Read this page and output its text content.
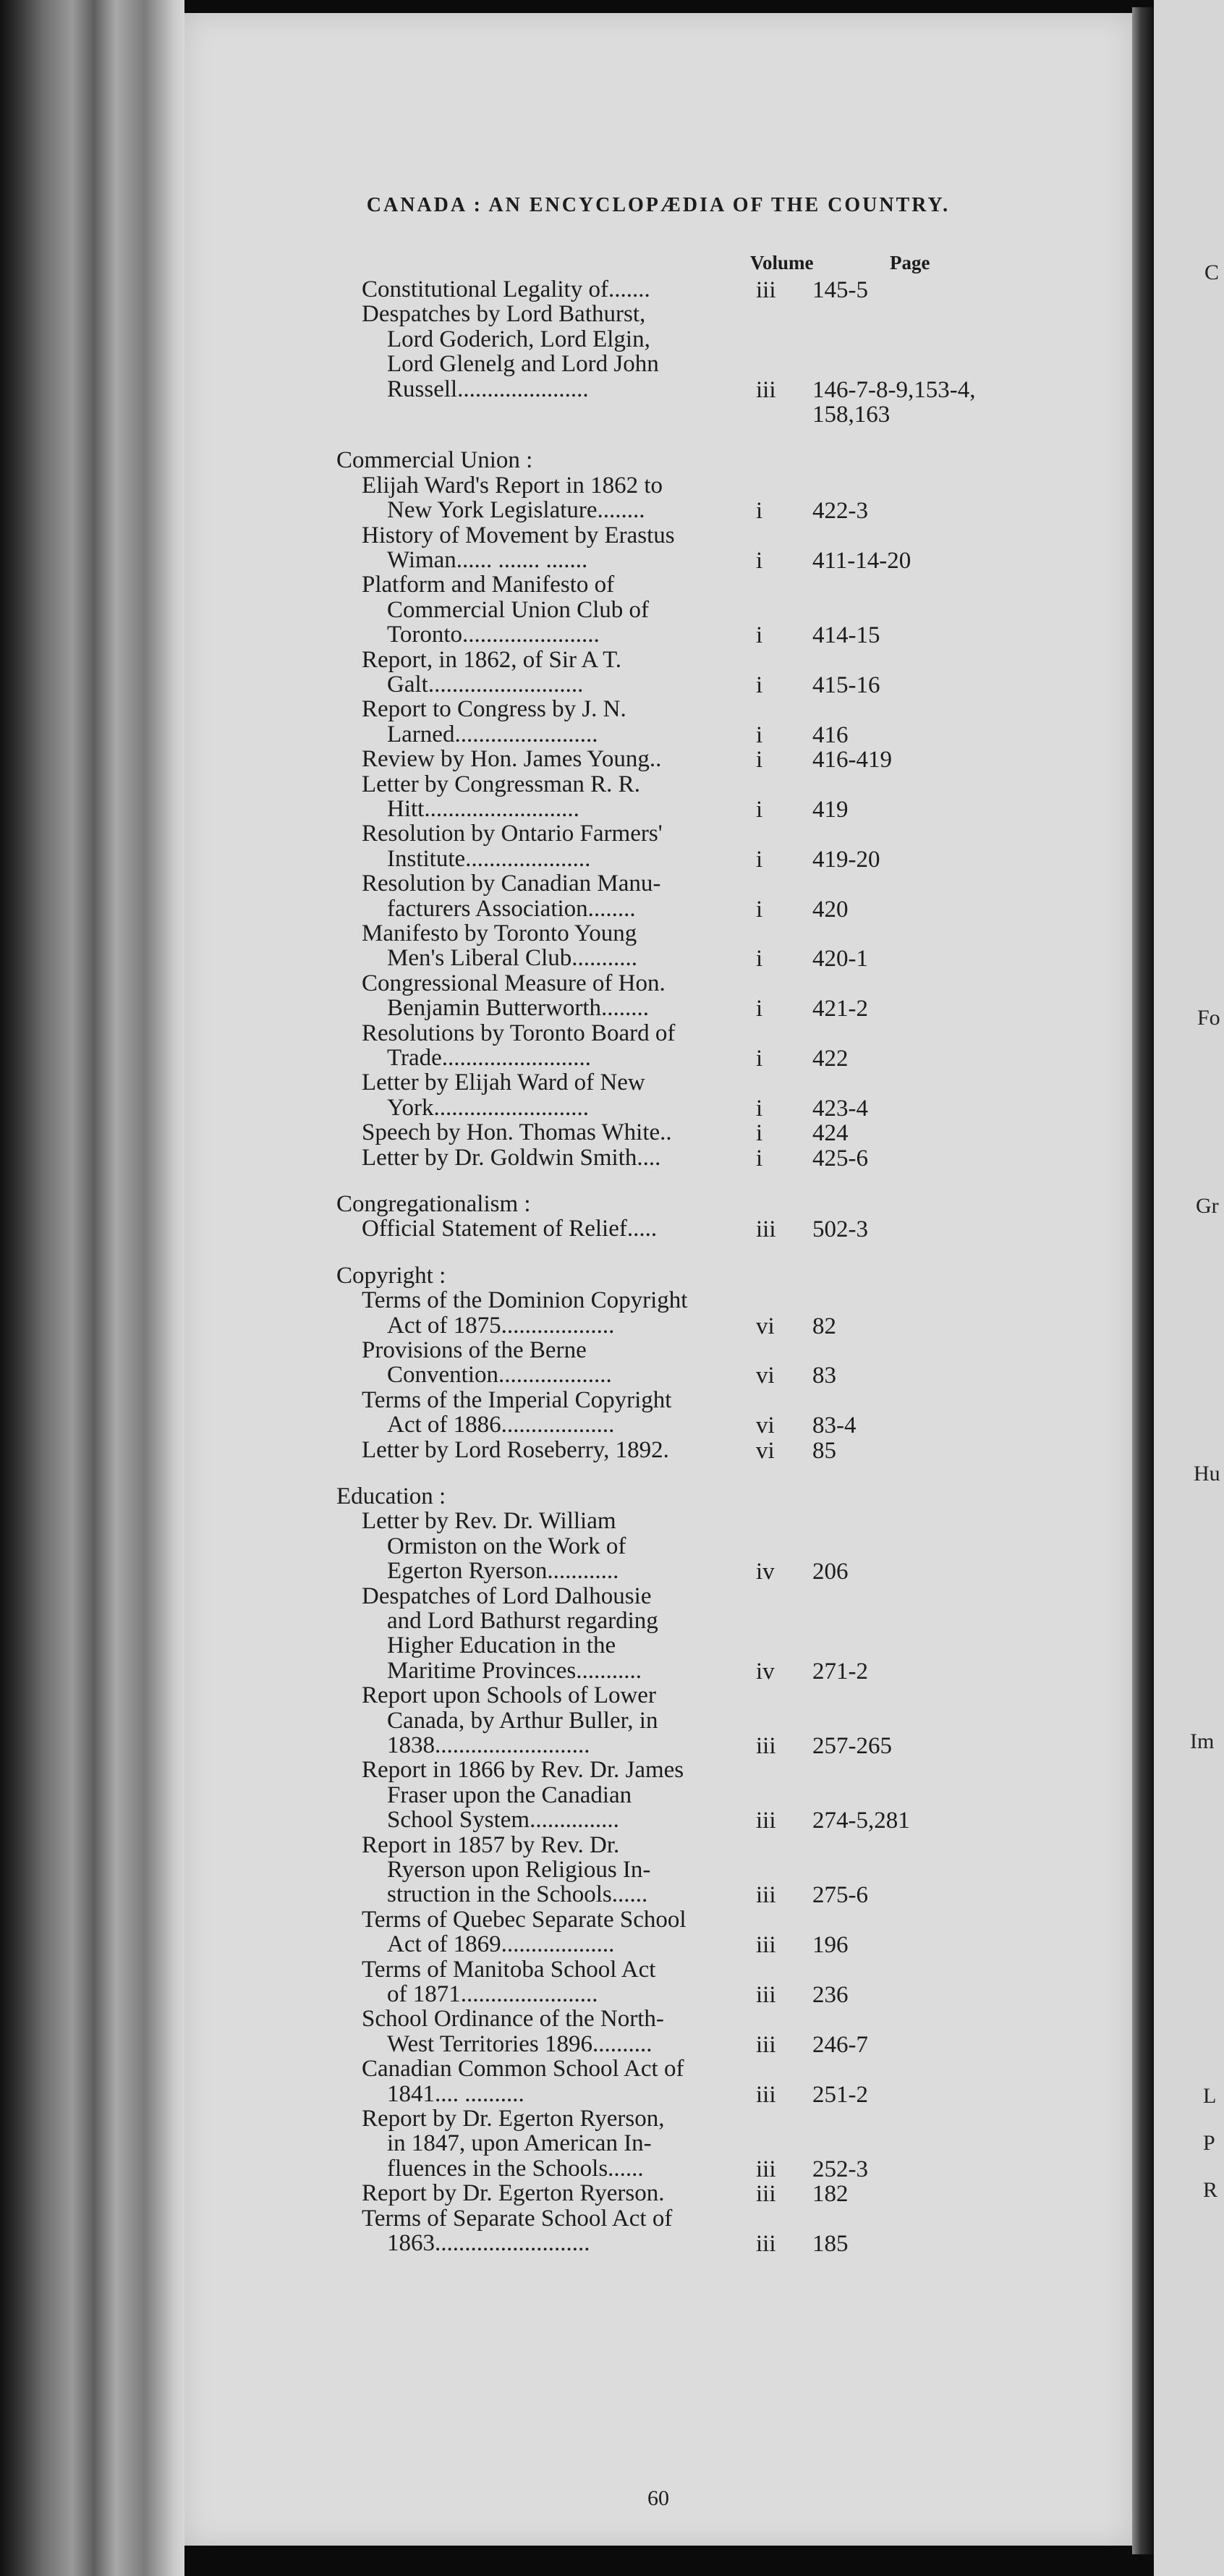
CANADA : AN ENCYCLOPÆDIA OF THE COUNTRY.
Volume	Page
Constitutional Legality of.......	iii 145-5
Despatches by Lord Bathurst,
Lord Goderich, Lord Elgin,
Lord Glenelg and Lord John
Russell......................	iii 146-7-8-9,153-4,
158,163
Commercial Union :
Elijah Ward's Report in 1862 to
New York Legislature........	i 422-3
History of Movement by Erastus
Wiman...... ....... .......	i 411-14-20
Platform and Manifesto of
Commercial Union Club of
Toronto.......................	i 414-15
Report, in 1862, of Sir A T.
Galt..........................	i 415-16
Report to Congress by J. N.
Larned........................	i 416
Review by Hon. James Young..	i 416-419
Letter by Congressman R. R.
Hitt..........................	i 419
Resolution by Ontario Farmers'
Institute.....................	i 419-20
Resolution by Canadian Manu-
facturers Association........	i 420
Manifesto by Toronto Young
Men's Liberal Club...........	i 420-1
Congressional Measure of Hon.
Benjamin Butterworth........	i 421-2
Resolutions by Toronto Board of
Trade.........................	i 422
Letter by Elijah Ward of New
York..........................	i 423-4
Speech by Hon. Thomas White..	i 424
Letter by Dr. Goldwin Smith....	i 425-6
Congregationalism :
Official Statement of Relief.....	iii 502-3
Copyright :
Terms of the Dominion Copyright
Act of 1875...................	vi 82
Provisions of the Berne
Convention...................	vi 83
Terms of the Imperial Copyright
Act of 1886...................	vi 83-4
Letter by Lord Roseberry, 1892.	vi 85
Education :
Letter by Rev. Dr. William
Ormiston on the Work of
Egerton Ryerson............	iv 206
Despatches of Lord Dalhousie
and Lord Bathurst regarding
Higher Education in the
Maritime Provinces...........	iv 271-2
Report upon Schools of Lower
Canada, by Arthur Buller, in
1838..........................	iii 257-265
Report in 1866 by Rev. Dr. James
Fraser upon the Canadian
School System...............	iii 274-5,281
Report in 1857 by Rev. Dr.
Ryerson upon Religious In-
struction in the Schools......	iii 275-6
Terms of Quebec Separate School
Act of 1869...................	iii 196
Terms of Manitoba School Act
of 1871.......................	iii 236
School Ordinance of the North-
West Territories 1896..........	iii 246-7
Canadian Common School Act of
1841.... ..........	iii 251-2
Report by Dr. Egerton Ryerson,
in 1847, upon American In-
fluences in the Schools......	iii 252-3
Report by Dr. Egerton Ryerson.	iii 182
Terms of Separate School Act of
1863..........................	iii 185
60
C
Fo
Gr
Hu
Im
L
P
R
